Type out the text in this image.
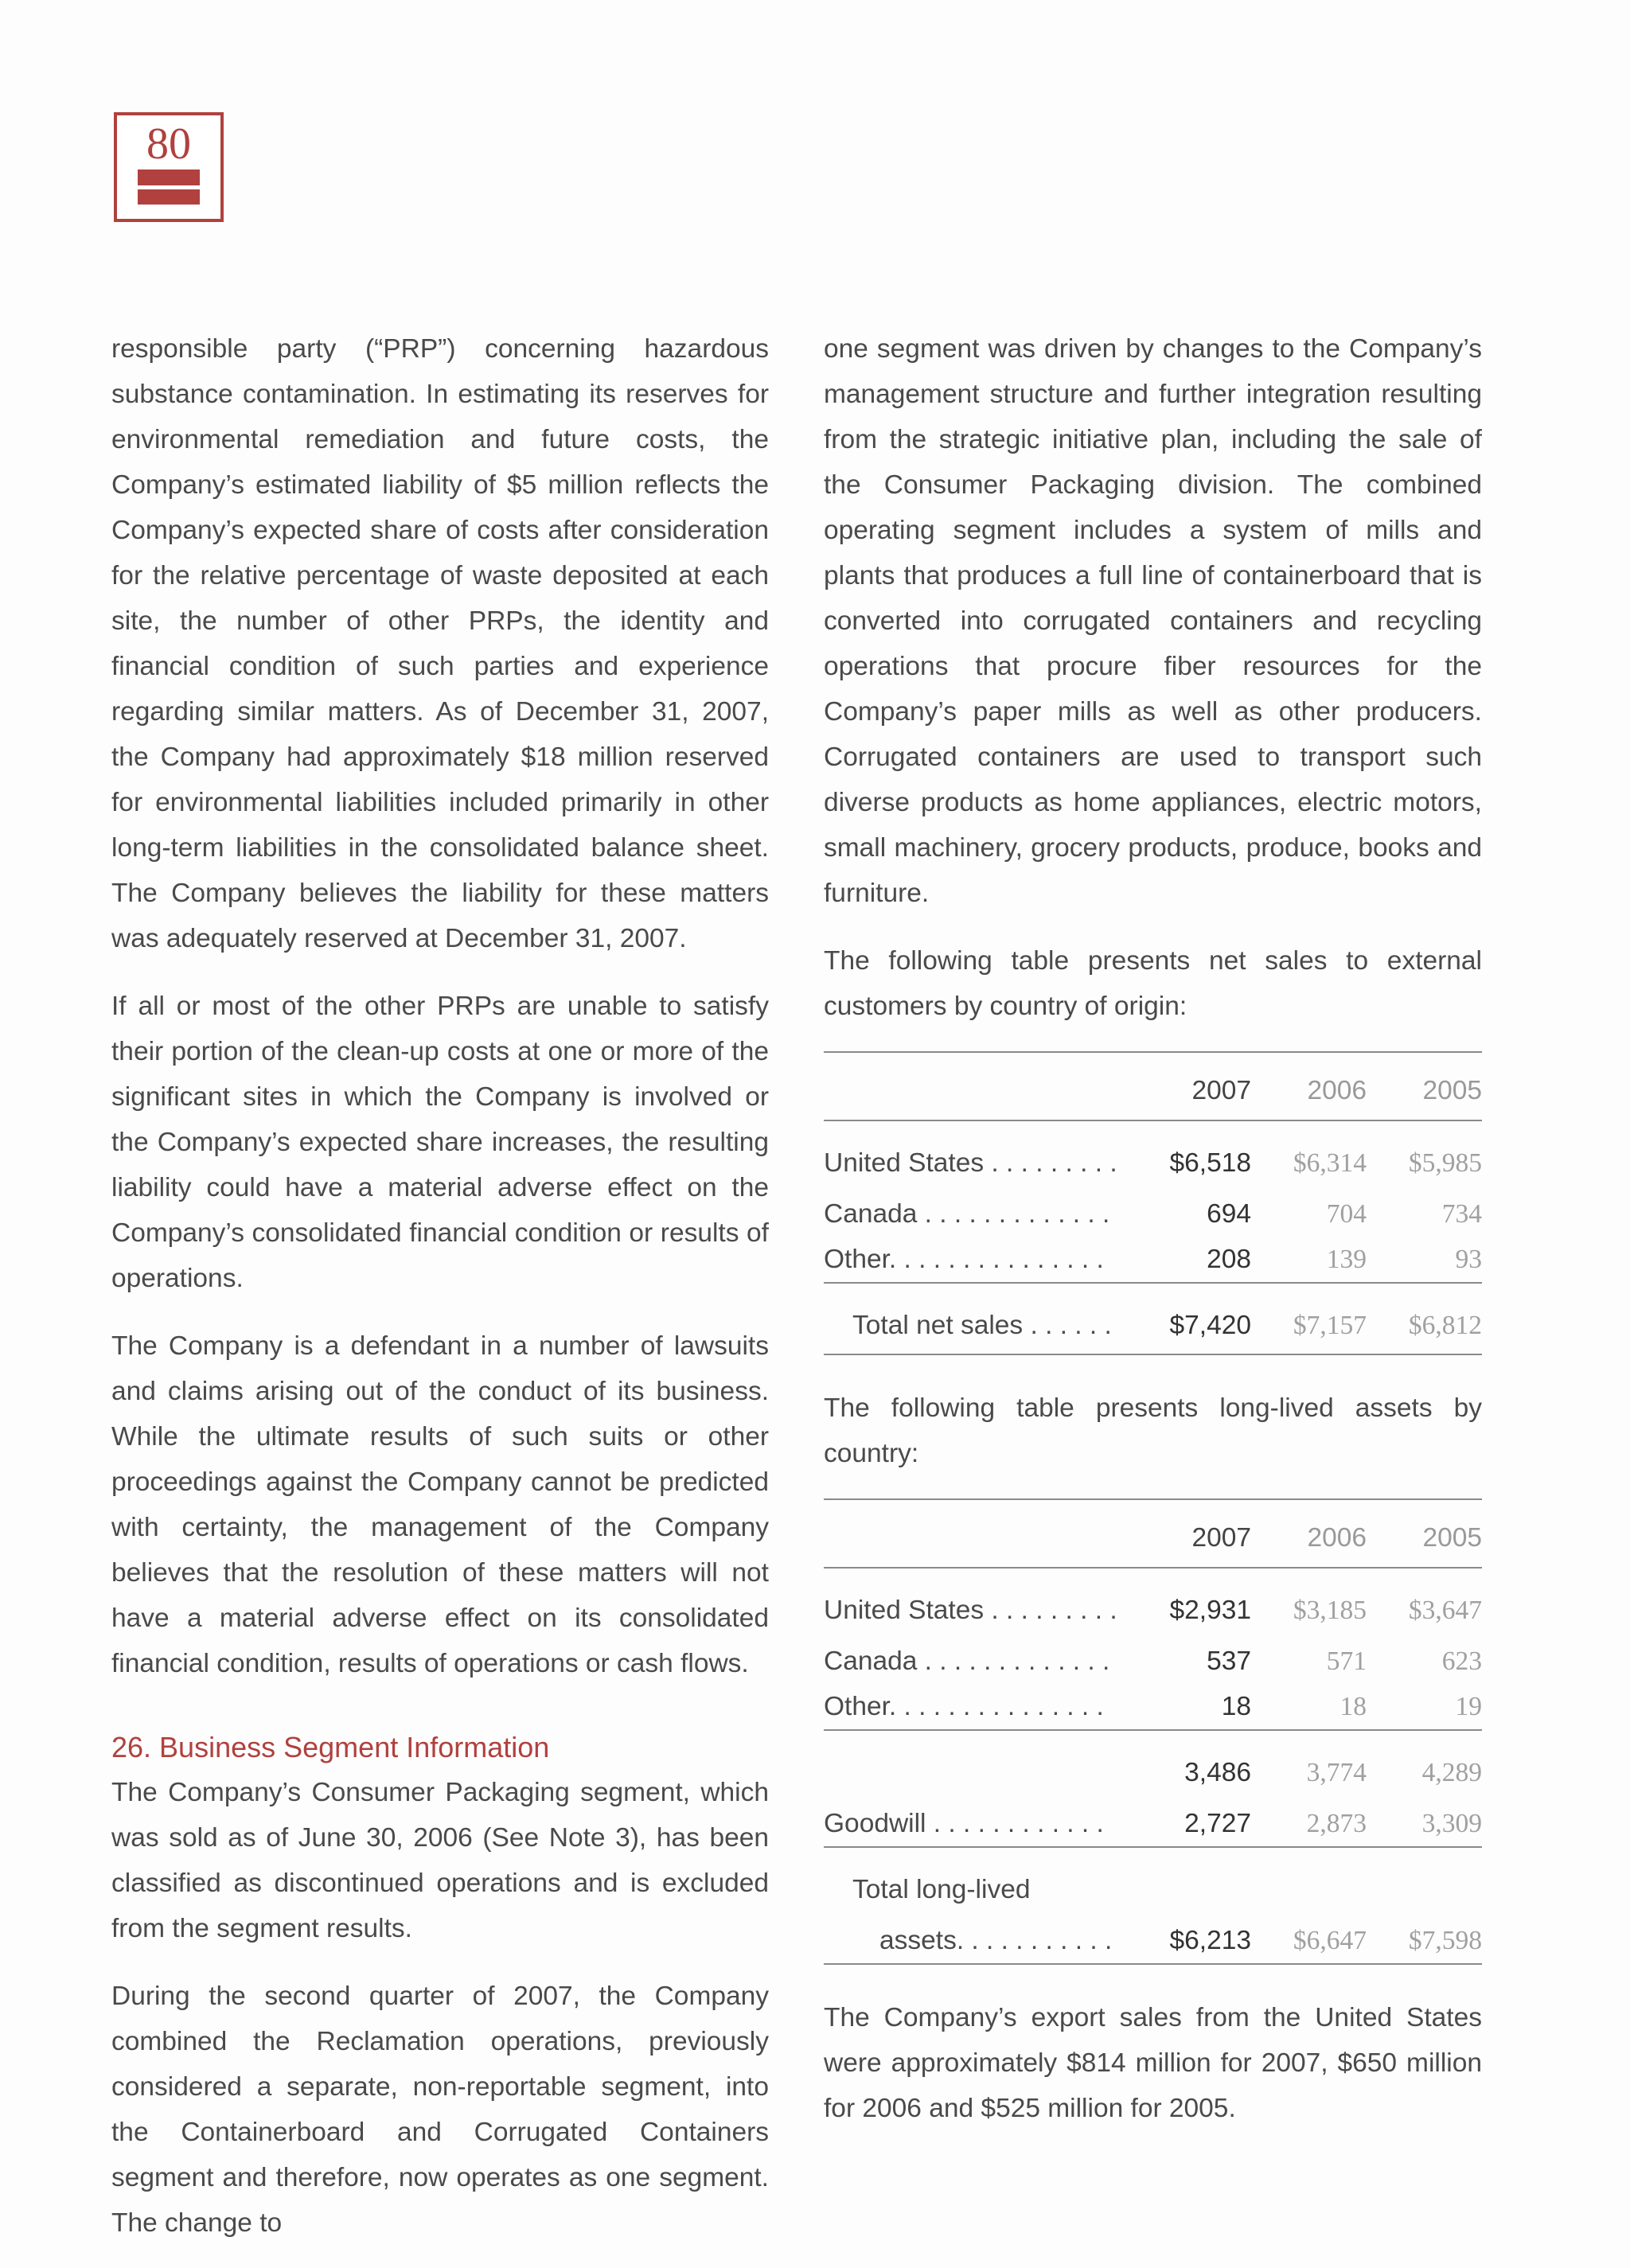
80

responsible party (“PRP”) concerning hazardous substance contamination. In estimating its reserves for environmental remediation and future costs, the Company’s estimated liability of $5 million reflects the Company’s expected share of costs after consideration for the relative percentage of waste deposited at each site, the number of other PRPs, the identity and financial condition of such parties and experience regarding similar matters. As of December 31, 2007, the Company had approximately $18 million reserved for environmental liabilities included primarily in other long-term liabilities in the consolidated balance sheet. The Company believes the liability for these matters was adequately reserved at December 31, 2007.

If all or most of the other PRPs are unable to satisfy their portion of the clean-up costs at one or more of the significant sites in which the Company is involved or the Company’s expected share increases, the resulting liability could have a material adverse effect on the Company’s consolidated financial condition or results of operations.

The Company is a defendant in a number of lawsuits and claims arising out of the conduct of its business. While the ultimate results of such suits or other proceedings against the Company cannot be predicted with certainty, the management of the Company believes that the resolution of these matters will not have a material adverse effect on its consolidated financial condition, results of operations or cash flows.

26. Business Segment Information

The Company’s Consumer Packaging segment, which was sold as of June 30, 2006 (See Note 3), has been classified as discontinued operations and is excluded from the segment results.

During the second quarter of 2007, the Company combined the Reclamation operations, previously considered a separate, non-reportable segment, into the Containerboard and Corrugated Containers segment and therefore, now operates as one segment. The change to

one segment was driven by changes to the Company’s management structure and further integration resulting from the strategic initiative plan, including the sale of the Consumer Packaging division. The combined operating segment includes a system of mills and plants that produces a full line of containerboard that is converted into corrugated containers and recycling operations that procure fiber resources for the Company’s paper mills as well as other producers. Corrugated containers are used to transport such diverse products as home appliances, electric motors, small machinery, grocery products, produce, books and furniture.

The following table presents net sales to external customers by country of origin:

	2007	2006	2005
United States . . . . . . . . .	$6,518	$6,314	$5,985
Canada . . . . . . . . . . . . .	694	704	734
Other. . . . . . . . . . . . . . .	208	139	93
Total net sales . . . . . .	$7,420	$7,157	$6,812

The following table presents long-lived assets by country:

	2007	2006	2005
United States . . . . . . . . .	$2,931	$3,185	$3,647
Canada . . . . . . . . . . . . .	537	571	623
Other. . . . . . . . . . . . . . .	18	18	19
	3,486	3,774	4,289
Goodwill . . . . . . . . . . . .	2,727	2,873	3,309
Total long-lived			
assets. . . . . . . . . . .	$6,213	$6,647	$7,598

The Company’s export sales from the United States were approximately $814 million for 2007, $650 million for 2006 and $525 million for 2005.
